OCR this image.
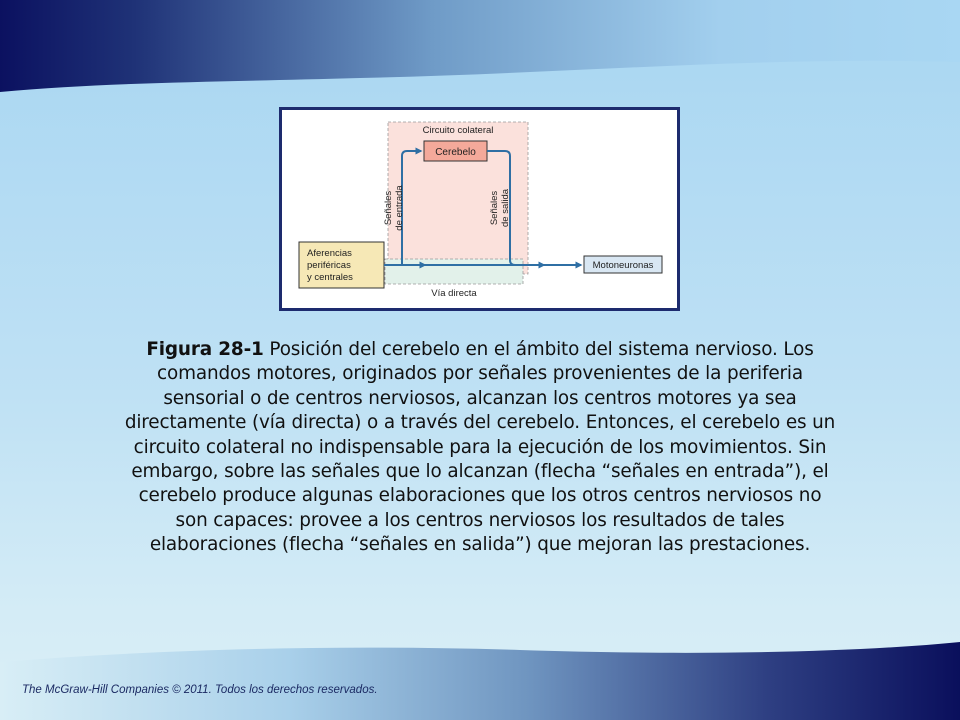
Circuito colateral
Cerebelo
Aferencias
periféricas
y centrales
Motoneuronas
Señales de entrada	Señales de salida
Vía directa
Figura 28-1 Posición del cerebelo en el ámbito del sistema nervioso. Los comandos motores, originados por señales provenientes de la periferia sensorial o de centros nerviosos, alcanzan los centros motores ya sea directamente (vía directa) o a través del cerebelo. Entonces, el cerebelo es un circuito colateral no indispensable para la ejecución de los movimientos. Sin embargo, sobre las señales que lo alcanzan (flecha “señales en entrada”), el cerebelo produce algunas elaboraciones que los otros centros nerviosos no son capaces: provee a los centros nerviosos los resultados de tales elaboraciones (flecha “señales en salida”) que mejoran las prestaciones.
The McGraw-Hill Companies © 2011. Todos los derechos reservados.
